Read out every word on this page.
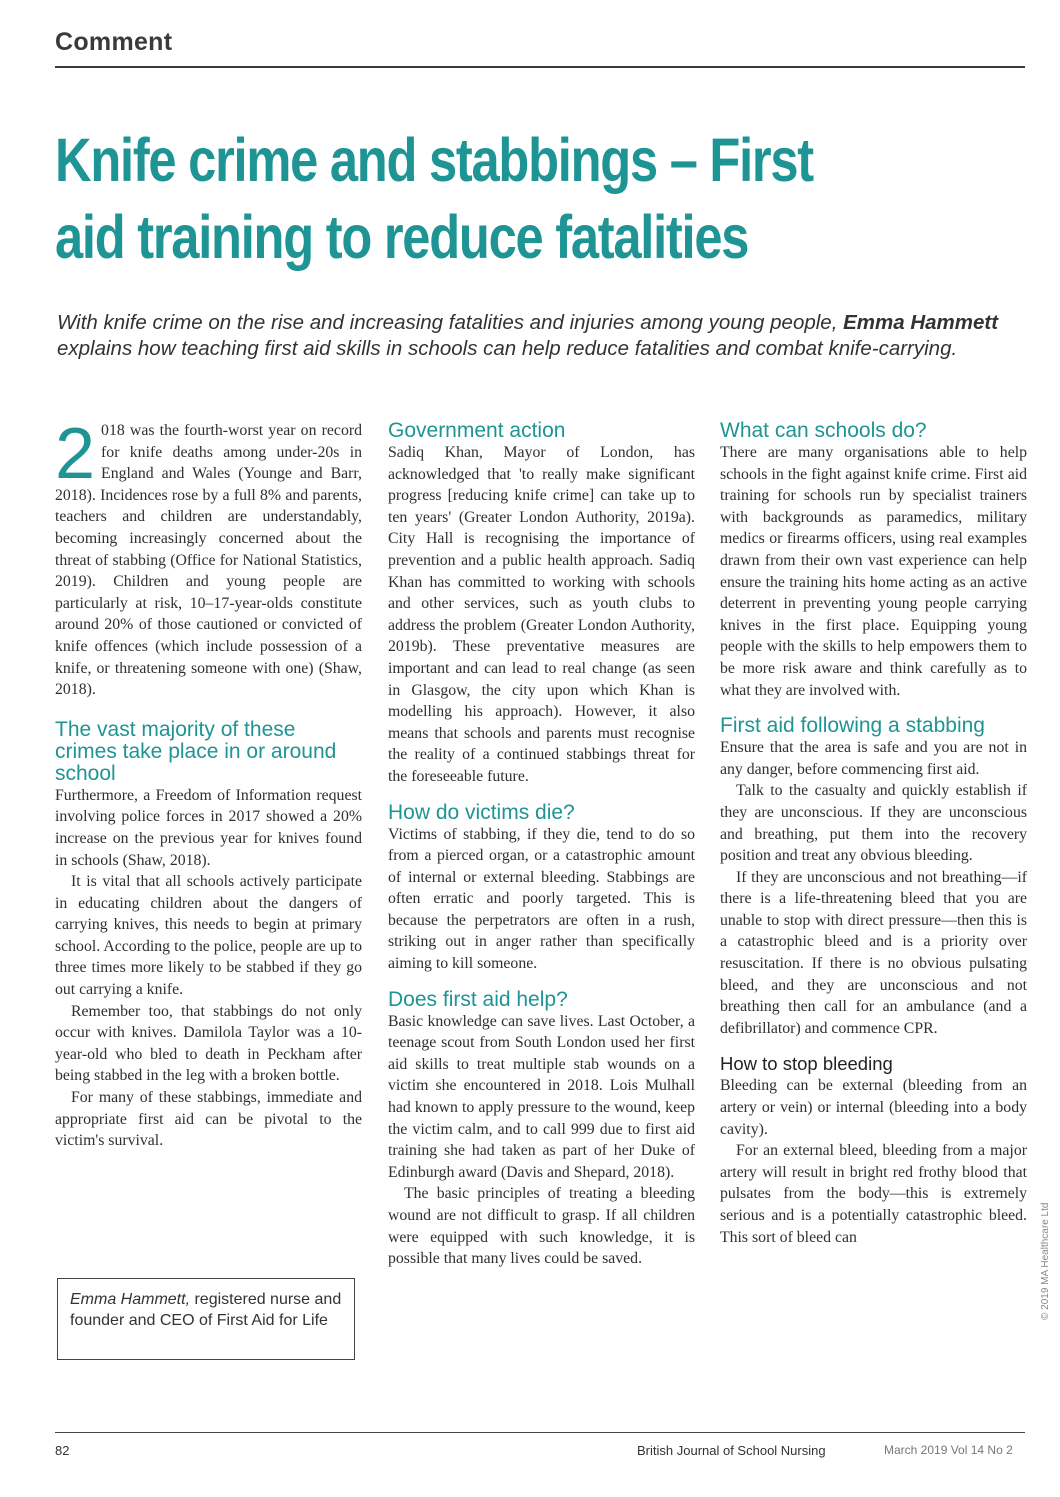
Comment
Knife crime and stabbings – First
aid training to reduce fatalities

With knife crime on the rise and increasing fatalities and injuries among young people, Emma Hammett explains how teaching first aid skills in schools can help reduce fatalities and combat knife-carrying.

2 018 was the fourth-worst year on record for knife deaths among under-20s in England and Wales (Younge and Barr, 2018). Incidences rose by a full 8% and parents, teachers and children are understandably, becoming increasingly concerned about the threat of stabbing (Office for National Statistics, 2019). Children and young people are particularly at risk, 10–17-year-olds constitute around 20% of those cautioned or convicted of knife offences (which include possession of a knife, or threatening someone with one) (Shaw, 2018).

The vast majority of these crimes take place in or around school

Furthermore, a Freedom of Information request involving police forces in 2017 showed a 20% increase on the previous year for knives found in schools (Shaw, 2018).

It is vital that all schools actively participate in educating children about the dangers of carrying knives, this needs to begin at primary school. According to the police, people are up to three times more likely to be stabbed if they go out carrying a knife.

Remember too, that stabbings do not only occur with knives. Damilola Taylor was a 10-year-old who bled to death in Peckham after being stabbed in the leg with a broken bottle.

For many of these stabbings, immediate and appropriate first aid can be pivotal to the victim's survival.

Emma Hammett, registered nurse and founder and CEO of First Aid for Life
Government action

Sadiq Khan, Mayor of London, has acknowledged that 'to really make significant progress [reducing knife crime] can take up to ten years' (Greater London Authority, 2019a). City Hall is recognising the importance of prevention and a public health approach. Sadiq Khan has committed to working with schools and other services, such as youth clubs to address the problem (Greater London Authority, 2019b). These preventative measures are important and can lead to real change (as seen in Glasgow, the city upon which Khan is modelling his approach). However, it also means that schools and parents must recognise the reality of a continued stabbings threat for the foreseeable future.

How do victims die?

Victims of stabbing, if they die, tend to do so from a pierced organ, or a catastrophic amount of internal or external bleeding. Stabbings are often erratic and poorly targeted. This is because the perpetrators are often in a rush, striking out in anger rather than specifically aiming to kill someone.

Does first aid help?

Basic knowledge can save lives. Last October, a teenage scout from South London used her first aid skills to treat multiple stab wounds on a victim she encountered in 2018. Lois Mulhall had known to apply pressure to the wound, keep the victim calm, and to call 999 due to first aid training she had taken as part of her Duke of Edinburgh award (Davis and Shepard, 2018).

The basic principles of treating a bleeding wound are not difficult to grasp. If all children were equipped with such knowledge, it is possible that many lives could be saved.

What can schools do?

There are many organisations able to help schools in the fight against knife crime. First aid training for schools run by specialist trainers with backgrounds as paramedics, military medics or firearms officers, using real examples drawn from their own vast experience can help ensure the training hits home acting as an active deterrent in preventing young people carrying knives in the first place. Equipping young people with the skills to help empowers them to be more risk aware and think carefully as to what they are involved with.

First aid following a stabbing

Ensure that the area is safe and you are not in any danger, before commencing first aid.

Talk to the casualty and quickly establish if they are unconscious. If they are unconscious and breathing, put them into the recovery position and treat any obvious bleeding.

If they are unconscious and not breathing—if there is a life-threatening bleed that you are unable to stop with direct pressure—then this is a catastrophic bleed and is a priority over resuscitation. If there is no obvious pulsating bleed, and they are unconscious and not breathing then call for an ambulance (and a defibrillator) and commence CPR.

How to stop bleeding

Bleeding can be external (bleeding from an artery or vein) or internal (bleeding into a body cavity).

For an external bleed, bleeding from a major artery will result in bright red frothy blood that pulsates from the body—this is extremely serious and is a potentially catastrophic bleed. This sort of bleed can

82	British Journal of School Nursing	March 2019 Vol 14 No 2
© 2019 MA Healthcare Ltd
